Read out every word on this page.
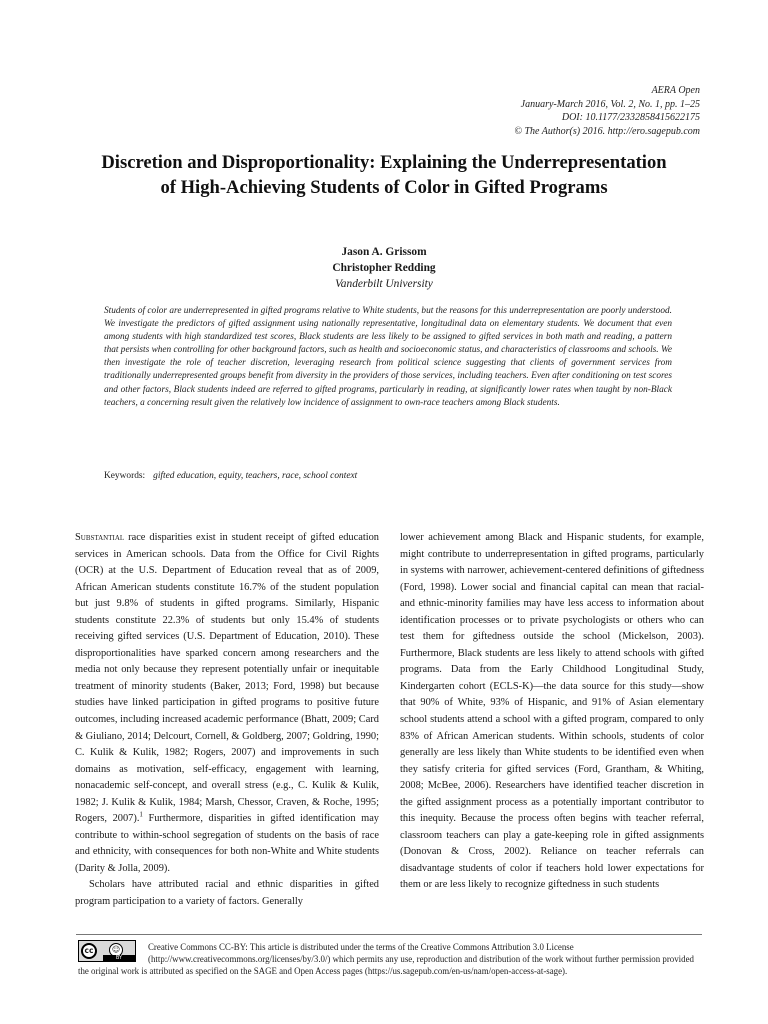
AERA Open
January-March 2016, Vol. 2, No. 1, pp. 1–25
DOI: 10.1177/2332858415622175
© The Author(s) 2016. http://ero.sagepub.com
Discretion and Disproportionality: Explaining the Underrepresentation
of High-Achieving Students of Color in Gifted Programs
Jason A. Grissom
Christopher Redding
Vanderbilt University
Students of color are underrepresented in gifted programs relative to White students, but the reasons for this underrepresentation are poorly understood. We investigate the predictors of gifted assignment using nationally representative, longitudinal data on elementary students. We document that even among students with high standardized test scores, Black students are less likely to be assigned to gifted services in both math and reading, a pattern that persists when controlling for other background factors, such as health and socioeconomic status, and characteristics of classrooms and schools. We then investigate the role of teacher discretion, leveraging research from political science suggesting that clients of government services from traditionally underrepresented groups benefit from diversity in the providers of those services, including teachers. Even after conditioning on test scores and other factors, Black students indeed are referred to gifted programs, particularly in reading, at significantly lower rates when taught by non-Black teachers, a concerning result given the relatively low incidence of assignment to own-race teachers among Black students.
Keywords: gifted education, equity, teachers, race, school context

Substantial race disparities exist in student receipt of gifted education services in American schools. Data from the Office for Civil Rights (OCR) at the U.S. Department of Education reveal that as of 2009, African American students constitute 16.7% of the student population but just 9.8% of students in gifted programs. Similarly, Hispanic students constitute 22.3% of students but only 15.4% of students receiving gifted services (U.S. Department of Education, 2010). These disproportionalities have sparked concern among researchers and the media not only because they represent potentially unfair or inequitable treatment of minority students (Baker, 2013; Ford, 1998) but because studies have linked participation in gifted programs to positive future outcomes, including increased academic performance (Bhatt, 2009; Card & Giuliano, 2014; Delcourt, Cornell, & Goldberg, 2007; Goldring, 1990; C. Kulik & Kulik, 1982; Rogers, 2007) and improvements in such domains as motivation, self-efficacy, engagement with learning, nonacademic self-concept, and overall stress (e.g., C. Kulik & Kulik, 1982; J. Kulik & Kulik, 1984; Marsh, Chessor, Craven, & Roche, 1995; Rogers, 2007).$^1$ Furthermore, disparities in gifted identification may contribute to within-school segregation of students on the basis of race and ethnicity, with consequences for both non-White and White students (Darity & Jolla, 2009).

Scholars have attributed racial and ethnic disparities in gifted program participation to a variety of factors. Generally

lower achievement among Black and Hispanic students, for example, might contribute to underrepresentation in gifted programs, particularly in systems with narrower, achievement-centered definitions of giftedness (Ford, 1998). Lower social and financial capital can mean that racial- and ethnic-minority families may have less access to information about identification processes or to private psychologists or others who can test them for giftedness outside the school (Mickelson, 2003). Furthermore, Black students are less likely to attend schools with gifted programs. Data from the Early Childhood Longitudinal Study, Kindergarten cohort (ECLS-K)—the data source for this study—show that 90% of White, 93% of Hispanic, and 91% of Asian elementary school students attend a school with a gifted program, compared to only 83% of African American students. Within schools, students of color generally are less likely than White students to be identified even when they satisfy criteria for gifted services (Ford, Grantham, & Whiting, 2008; McBee, 2006). Researchers have identified teacher discretion in the gifted assignment process as a potentially important contributor to this inequity. Because the process often begins with teacher referral, classroom teachers can play a gate-keeping role in gifted assignments (Donovan & Cross, 2002). Reliance on teacher referrals can disadvantage students of color if teachers hold lower expectations for them or are less likely to recognize giftedness in such students

cc	☺
BY
Creative Commons CC-BY: This article is distributed under the terms of the Creative Commons Attribution 3.0 License (http://www.creativecommons.org/licenses/by/3.0/) which permits any use, reproduction and distribution of the work without further permission provided the original work is attributed as specified on the SAGE and Open Access pages (https://us.sagepub.com/en-us/nam/open-access-at-sage).
